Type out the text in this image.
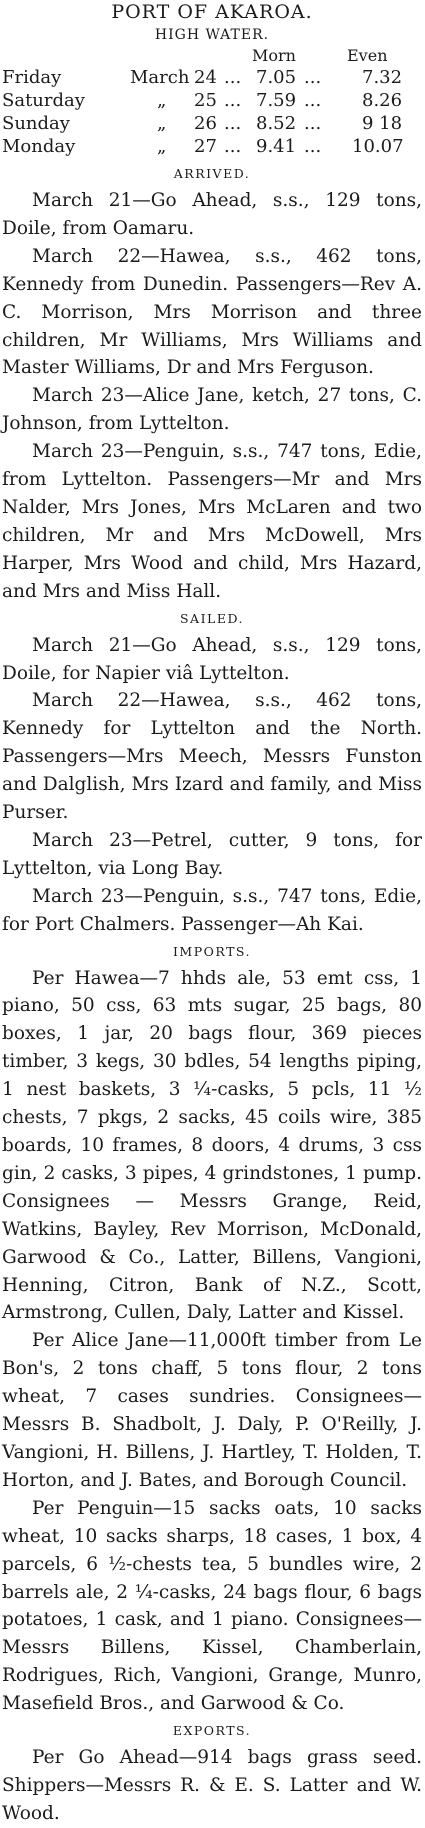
PORT OF AKAROA.
HIGH WATER.
Morn	Even
Friday	March 24 ... 7.05 ... 7.32
Saturday	„ 25 ... 7.59 ... 8.26
Sunday	„ 26 ... 8.52 ... 9 18
Monday	„ 27 ... 9.41 ... 10.07
ARRIVED.

March 21—Go Ahead, s.s., 129 tons, Doile, from Oamaru.

March 22—Hawea, s.s., 462 tons, Kennedy from Dunedin. Passengers—Rev A. C. Morrison, Mrs Morrison and three children, Mr Williams, Mrs Williams and Master Williams, Dr and Mrs Ferguson.

March 23—Alice Jane, ketch, 27 tons, C. Johnson, from Lyttelton.

March 23—Penguin, s.s., 747 tons, Edie, from Lyttelton. Passengers—Mr and Mrs Nalder, Mrs Jones, Mrs McLaren and two children, Mr and Mrs McDowell, Mrs Harper, Mrs Wood and child, Mrs Hazard, and Mrs and Miss Hall.

SAILED.

March 21—Go Ahead, s.s., 129 tons, Doile, for Napier viâ Lyttelton.

March 22—Hawea, s.s., 462 tons, Kennedy for Lyttelton and the North. Passengers—Mrs Meech, Messrs Funston and Dalglish, Mrs Izard and family, and Miss Purser.

March 23—Petrel, cutter, 9 tons, for Lyttelton, via Long Bay.

March 23—Penguin, s.s., 747 tons, Edie, for Port Chalmers. Passenger—Ah Kai.

IMPORTS.

Per Hawea—7 hhds ale, 53 emt css, 1 piano, 50 css, 63 mts sugar, 25 bags, 80 boxes, 1 jar, 20 bags flour, 369 pieces timber, 3 kegs, 30 bdles, 54 lengths piping, 1 nest baskets, 3 ¼-casks, 5 pcls, 11 ½ chests, 7 pkgs, 2 sacks, 45 coils wire, 385 boards, 10 frames, 8 doors, 4 drums, 3 css gin, 2 casks, 3 pipes, 4 grindstones, 1 pump. Consignees — Messrs Grange, Reid, Watkins, Bayley, Rev Morrison, McDonald, Garwood & Co., Latter, Billens, Vangioni, Henning, Citron, Bank of N.Z., Scott, Armstrong, Cullen, Daly, Latter and Kissel.

Per Alice Jane—11,000ft timber from Le Bon's, 2 tons chaff, 5 tons flour, 2 tons wheat, 7 cases sundries. Consignees—Messrs B. Shadbolt, J. Daly, P. O'Reilly, J. Vangioni, H. Billens, J. Hartley, T. Holden, T. Horton, and J. Bates, and Borough Council.

Per Penguin—15 sacks oats, 10 sacks wheat, 10 sacks sharps, 18 cases, 1 box, 4 parcels, 6 ½-chests tea, 5 bundles wire, 2 barrels ale, 2 ¼-casks, 24 bags flour, 6 bags potatoes, 1 cask, and 1 piano. Consignees—Messrs Billens, Kissel, Chamberlain, Rodrigues, Rich, Vangioni, Grange, Munro, Masefield Bros., and Garwood & Co.

EXPORTS.

Per Go Ahead—914 bags grass seed. Shippers—Messrs R. & E. S. Latter and W. Wood.
